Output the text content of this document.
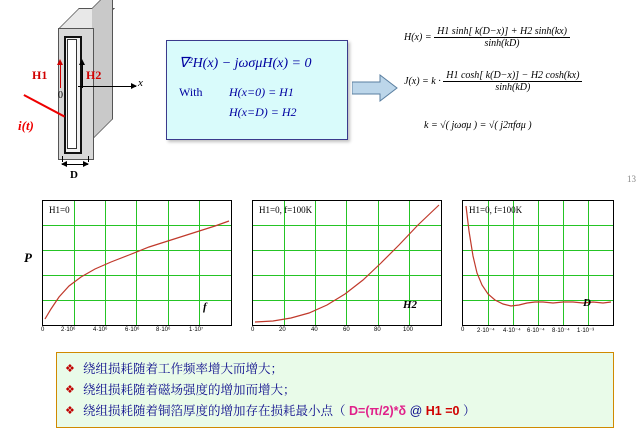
x
0
H1	H2
i(t)
D
∇²H(x) − jωσμH(x) = 0
With H(x=0) = H1
H(x=D) = H2
$H(x) = \frac{H1 \sinh[ k(D-x)] + H2 \sinh(kx)}{\sinh(kD)}$
$J(x) = k \cdot \frac{H1 \cosh[ k(D-x)] - H2 \cosh(kx)}{\sinh(kD)}$
k = √( jωσμ ) = √( j2πfσμ )
13
0	2·10⁶	4·10⁶	6·10⁶	8·10⁶	1·10⁷
H1=0
f
P
0	20	40	60	80	100
H1=0, f=100K
H2
0 2·10⁻⁴ 4·10⁻⁴ 6·10⁻⁴ 8·10⁻⁴ 1·10⁻³
H1=0, f=100K
D
❖ 绕组损耗随着工作频率增大而增大；
❖ 绕组损耗随着磁场强度的增加而增大；
❖ 绕组损耗随着铜箔厚度的增加存在损耗最小点（ D=(π/2)*δ @ H1 =0 ）
